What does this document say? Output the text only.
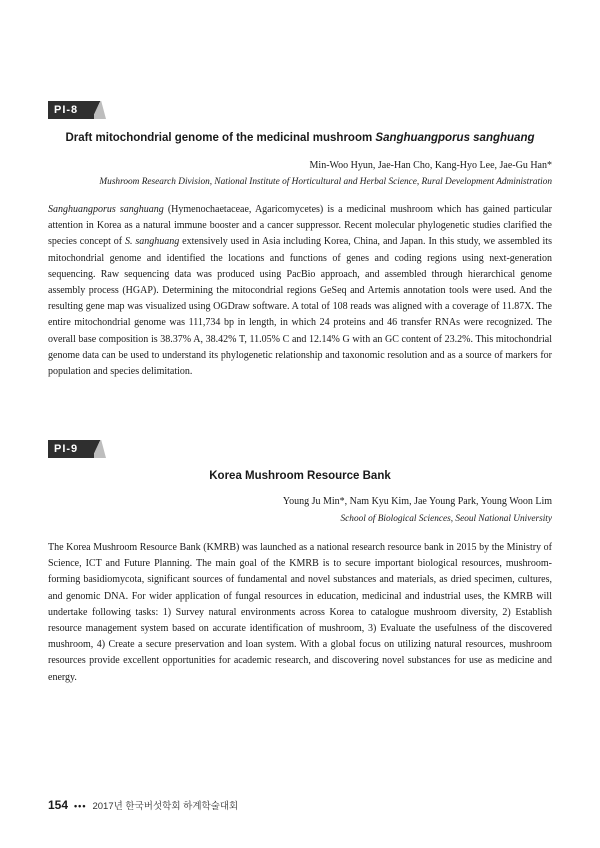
PI-8
Draft mitochondrial genome of the medicinal mushroom Sanghuangporus sanghuang
Min-Woo Hyun, Jae-Han Cho, Kang-Hyo Lee, Jae-Gu Han*
Mushroom Research Division, National Institute of Horticultural and Herbal Science, Rural Development Administration

Sanghuangporus sanghuang (Hymenochaetaceae, Agaricomycetes) is a medicinal mushroom which has gained particular attention in Korea as a natural immune booster and a cancer suppressor. Recent molecular phylogenetic studies clarified the species concept of S. sanghuang extensively used in Asia including Korea, China, and Japan. In this study, we assembled its mitochondrial genome and identified the locations and functions of genes and coding regions using next-generation sequencing. Raw sequencing data was produced using PacBio approach, and assembled through hierarchical genome assembly process (HGAP). Determining the mitocondrial regions GeSeq and Artemis annotation tools were used. And the resulting gene map was visualized using OGDraw software. A total of 108 reads was aligned with a coverage of 11.87X. The entire mitochondrial genome was 111,734 bp in length, in which 24 proteins and 46 transfer RNAs were recognized. The overall base composition is 38.37% A, 38.42% T, 11.05% C and 12.14% G with an GC content of 23.2%. This mitochondrial genome data can be used to understand its phylogenetic relationship and taxonomic resolution and as a source of markers for population and species delimitation.

PI-9
Korea Mushroom Resource Bank
Young Ju Min*, Nam Kyu Kim, Jae Young Park, Young Woon Lim
School of Biological Sciences, Seoul National University

The Korea Mushroom Resource Bank (KMRB) was launched as a national research resource bank in 2015 by the Ministry of Science, ICT and Future Planning. The main goal of the KMRB is to secure important biological resources, mushroom-forming basidiomycota, significant sources of fundamental and novel substances and materials, as dried specimen, cultures, and genomic DNA. For wider application of fungal resources in education, medicinal and industrial uses, the KMRB will undertake following tasks: 1) Survey natural environments across Korea to catalogue mushroom diversity, 2) Establish resource management system based on accurate identification of mushroom, 3) Evaluate the usefulness of the discovered mushroom, 4) Create a secure preservation and loan system. With a global focus on utilizing natural resources, mushroom resources provide excellent opportunities for academic research, and discovering novel substances for use as medicine and energy.

154 ••• 2017년 한국버섯학회 하계학술대회
